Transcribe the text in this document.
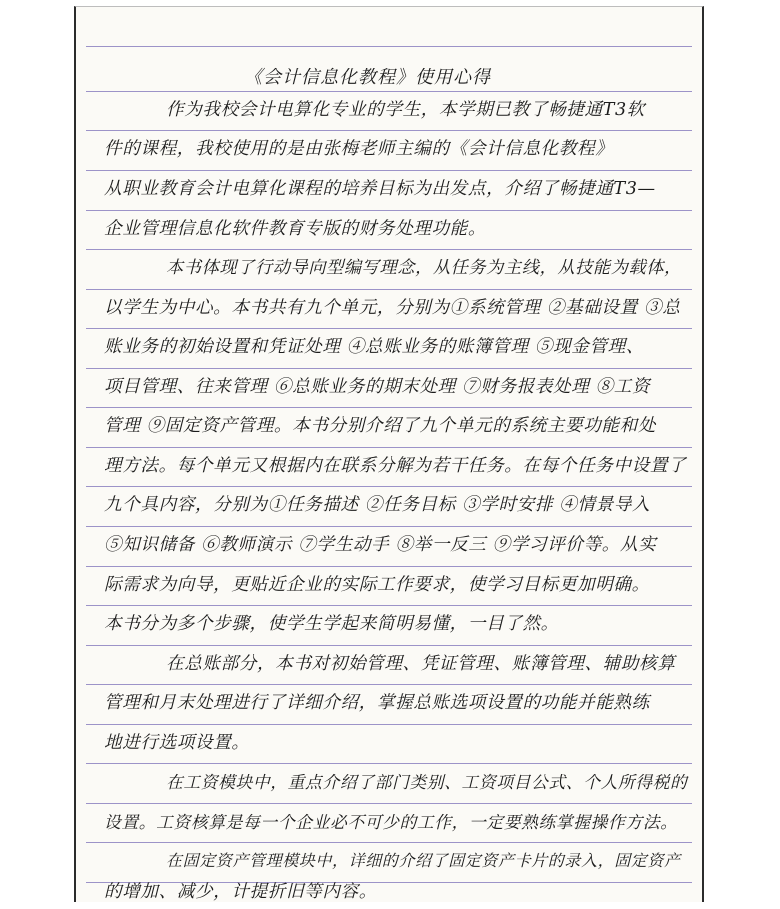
《会计信息化教程》使用心得
作为我校会计电算化专业的学生，本学期已教了畅捷通T3软
件的课程，我校使用的是由张梅老师主编的《会计信息化教程》
从职业教育会计电算化课程的培养目标为出发点，介绍了畅捷通T3—
企业管理信息化软件教育专版的财务处理功能。
本书体现了行动导向型编写理念，从任务为主线，从技能为载体，
以学生为中心。本书共有九个单元，分别为①系统管理 ②基础设置 ③总
账业务的初始设置和凭证处理 ④总账业务的账簿管理 ⑤现金管理、
项目管理、往来管理 ⑥总账业务的期末处理 ⑦财务报表处理 ⑧工资
管理 ⑨固定资产管理。本书分别介绍了九个单元的系统主要功能和处
理方法。每个单元又根据内在联系分解为若干任务。在每个任务中设置了
九个具内容，分别为①任务描述 ②任务目标 ③学时安排 ④情景导入
⑤知识储备 ⑥教师演示 ⑦学生动手 ⑧举一反三 ⑨学习评价等。从实
际需求为向导，更贴近企业的实际工作要求，使学习目标更加明确。
本书分为多个步骤，使学生学起来简明易懂，一目了然。
在总账部分，本书对初始管理、凭证管理、账簿管理、辅助核算
管理和月末处理进行了详细介绍，掌握总账选项设置的功能并能熟练
地进行选项设置。
在工资模块中，重点介绍了部门类别、工资项目公式、个人所得税的
设置。工资核算是每一个企业必不可少的工作，一定要熟练掌握操作方法。
在固定资产管理模块中，详细的介绍了固定资产卡片的录入，固定资产
的增加、减少，计提折旧等内容。
